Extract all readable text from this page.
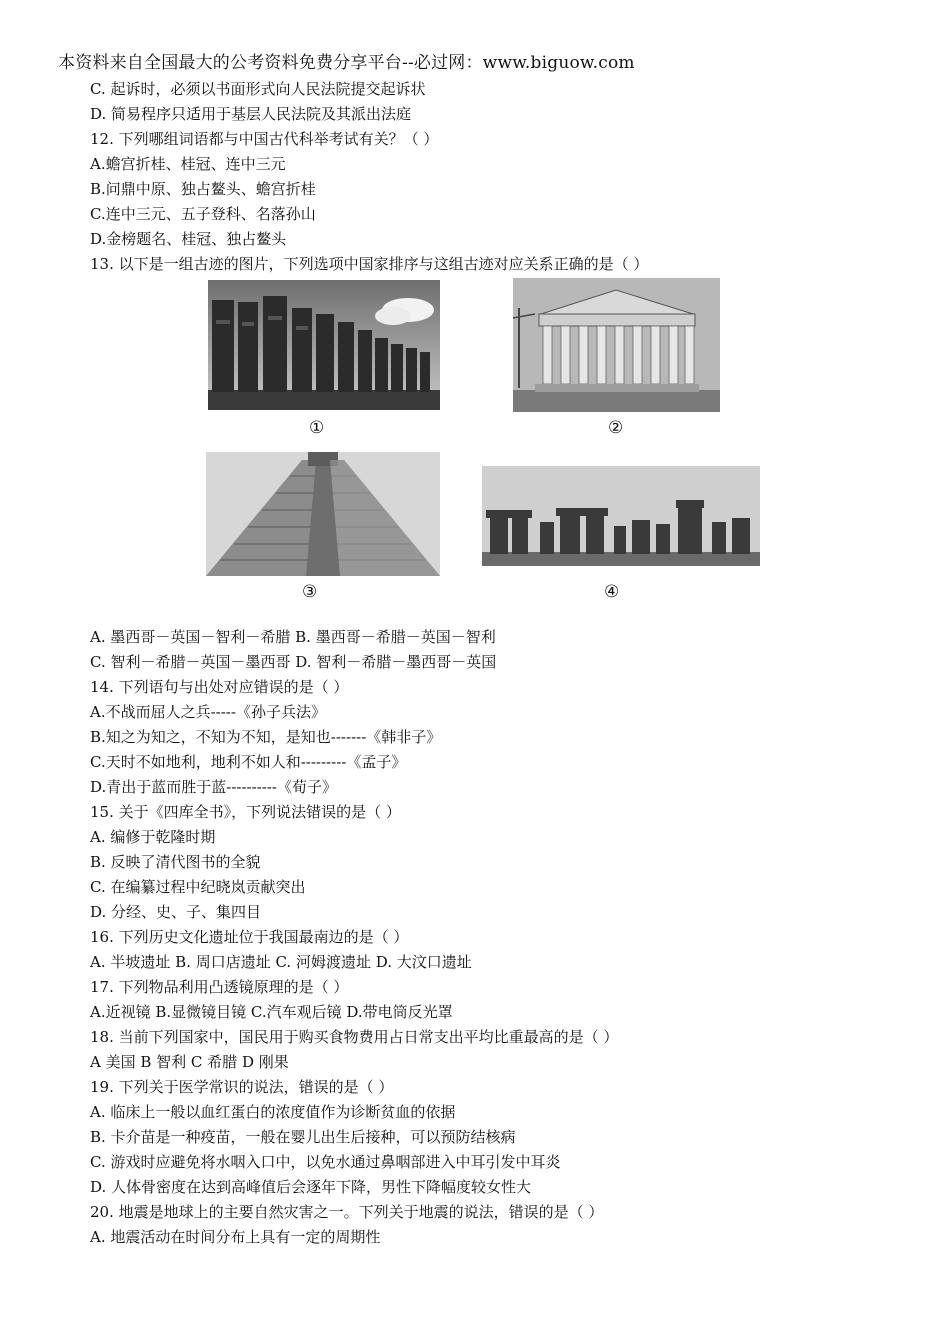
本资料来自全国最大的公考资料免费分享平台--必过网：www.biguow.com
C. 起诉时，必须以书面形式向人民法院提交起诉状
D. 简易程序只适用于基层人民法院及其派出法庭
12. 下列哪组词语都与中国古代科举考试有关？（ ）
A.蟾宫折桂、桂冠、连中三元
B.问鼎中原、独占鳌头、蟾宫折桂
C.连中三元、五子登科、名落孙山
D.金榜题名、桂冠、独占鳌头
13. 以下是一组古迹的图片，下列选项中国家排序与这组古迹对应关系正确的是（ ）
①	②
③	④
A. 墨西哥－英国－智利－希腊 B. 墨西哥－希腊－英国－智利
C. 智利－希腊－英国－墨西哥 D. 智利－希腊－墨西哥－英国
14. 下列语句与出处对应错误的是（ ）
A.不战而屈人之兵-----《孙子兵法》
B.知之为知之，不知为不知，是知也-------《韩非子》
C.天时不如地利，地利不如人和---------《孟子》
D.青出于蓝而胜于蓝----------《荀子》
15. 关于《四库全书》，下列说法错误的是（ ）
A. 编修于乾隆时期
B. 反映了清代图书的全貌
C. 在编纂过程中纪晓岚贡献突出
D. 分经、史、子、集四目
16. 下列历史文化遗址位于我国最南边的是（ ）
A. 半坡遗址 B. 周口店遗址 C. 河姆渡遗址 D. 大汶口遗址
17. 下列物品利用凸透镜原理的是（ ）
A.近视镜 B.显微镜目镜 C.汽车观后镜 D.带电筒反光罩
18. 当前下列国家中，国民用于购买食物费用占日常支出平均比重最高的是（ ）
A 美国 B 智利 C 希腊 D 刚果
19. 下列关于医学常识的说法，错误的是（ ）
A. 临床上一般以血红蛋白的浓度值作为诊断贫血的依据
B. 卡介苗是一种疫苗，一般在婴儿出生后接种，可以预防结核病
C. 游戏时应避免将水咽入口中，以免水通过鼻咽部进入中耳引发中耳炎
D. 人体骨密度在达到高峰值后会逐年下降，男性下降幅度较女性大
20. 地震是地球上的主要自然灾害之一。下列关于地震的说法，错误的是（ ）
A. 地震活动在时间分布上具有一定的周期性
